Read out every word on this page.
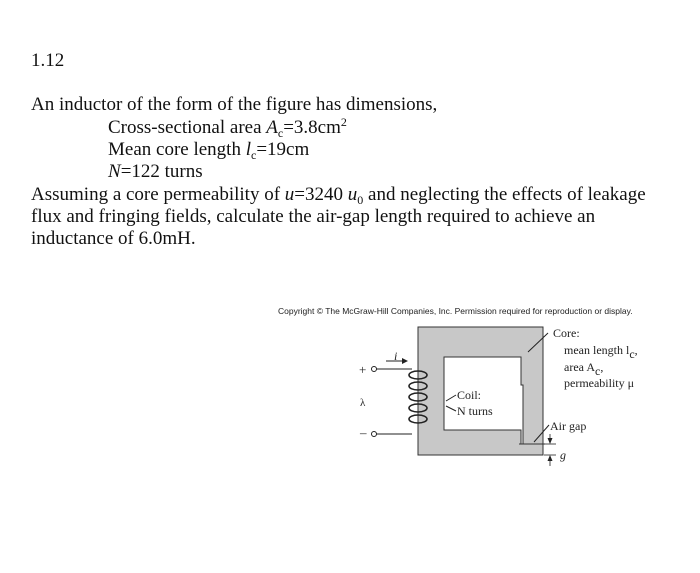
1.12
An inductor of the form of the figure has dimensions,
Cross-sectional area $A_c=3.8cm^2$
Mean core length $l_c=19cm$
N=122 turns
Assuming a core permeability of u=3240 $u_0$ and neglecting the effects of leakage flux and fringing fields, calculate the air-gap length required to achieve an inductance of 6.0mH.
Copyright © The McGraw-Hill Companies, Inc. Permission required for reproduction or display.
Core:
mean length $l_c$,
area $A_c$,
permeability μ
Coil:
N turns
Air gap
g
i
+
–
λ
